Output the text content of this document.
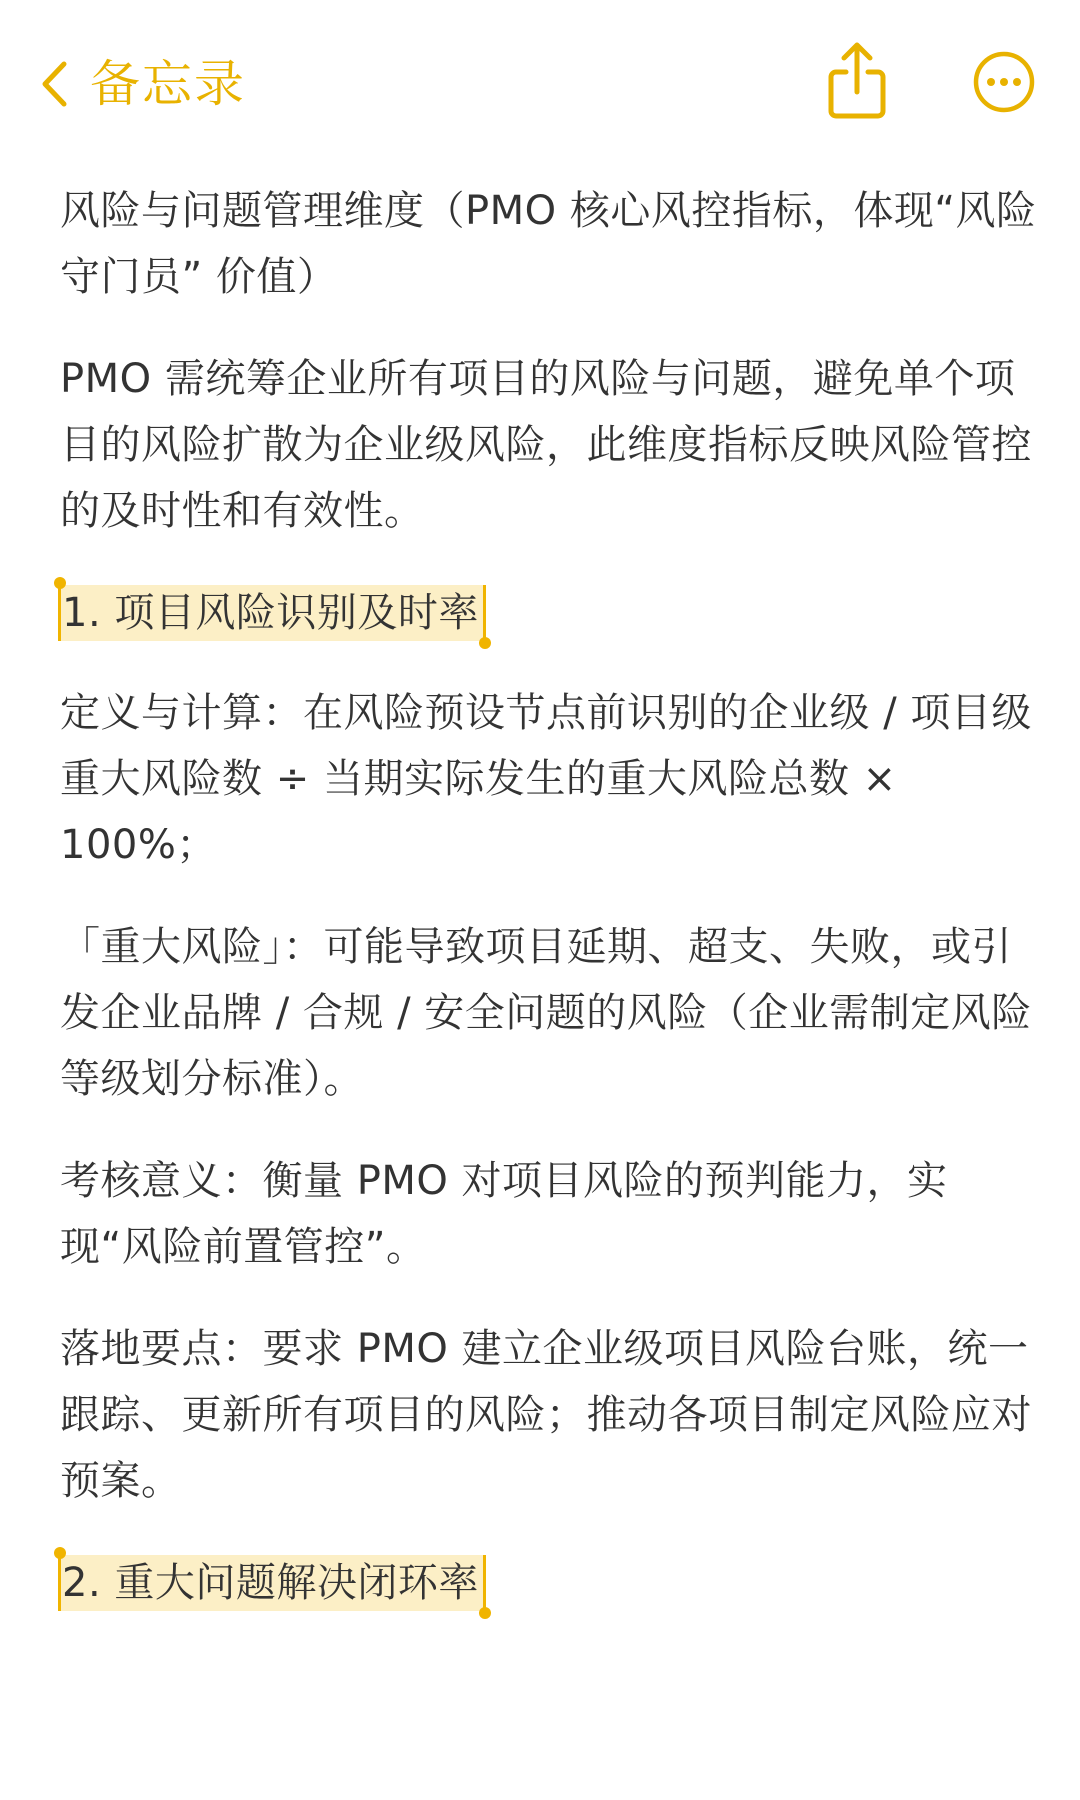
备忘录

风险与问题管理维度（PMO 核心风控指标，体现“风险守门员” 价值）

PMO 需统筹企业所有项目的风险与问题，避免单个项目的风险扩散为企业级风险，此维度指标反映风险管控的及时性和有效性。

1. 项目风险识别及时率

定义与计算：在风险预设节点前识别的企业级 / 项目级重大风险数 ÷ 当期实际发生的重大风险总数 × 100%；

「重大风险」：可能导致项目延期、超支、失败，或引发企业品牌 / 合规 / 安全问题的风险（企业需制定风险等级划分标准）。

考核意义：衡量 PMO 对项目风险的预判能力，实现“风险前置管控”。

落地要点：要求 PMO 建立企业级项目风险台账，统一跟踪、更新所有项目的风险；推动各项目制定风险应对预案。

2. 重大问题解决闭环率
